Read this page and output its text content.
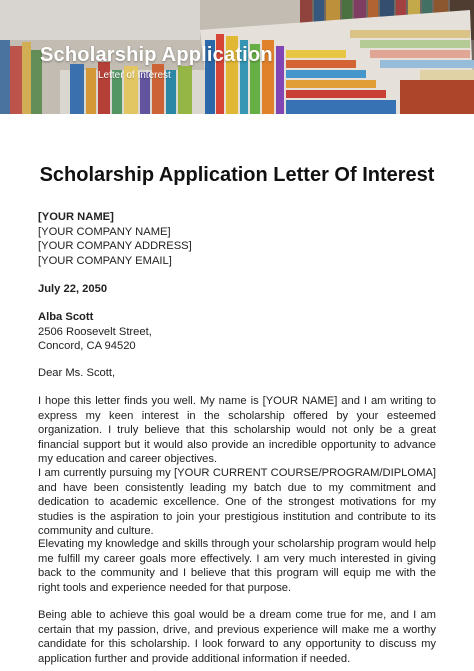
Scholarship Application
Letter of Interest
Scholarship Application Letter Of Interest

[YOUR NAME]

[YOUR COMPANY NAME]

[YOUR COMPANY ADDRESS]

[YOUR COMPANY EMAIL]

July 22, 2050

Alba Scott

2506 Roosevelt Street,

Concord, CA 94520

Dear Ms. Scott,
I hope this letter finds you well. My name is [YOUR NAME] and I am writing to express my keen interest in the scholarship offered by your esteemed organization. I truly believe that this scholarship would not only be a great financial support but it would also provide an incredible opportunity to advance my education and career objectives.
I am currently pursuing my [YOUR CURRENT COURSE/PROGRAM/DIPLOMA] and have been consistently leading my batch due to my commitment and dedication to academic excellence. One of the strongest motivations for my studies is the aspiration to join your prestigious institution and contribute to its community and culture.
Elevating my knowledge and skills through your scholarship program would help me fulfill my career goals more effectively. I am very much interested in giving back to the community and I believe that this program will equip me with the right tools and experience needed for that purpose.
Being able to achieve this goal would be a dream come true for me, and I am certain that my passion, drive, and previous experience will make me a worthy candidate for this scholarship. I look forward to any opportunity to discuss my application further and provide additional information if needed.
